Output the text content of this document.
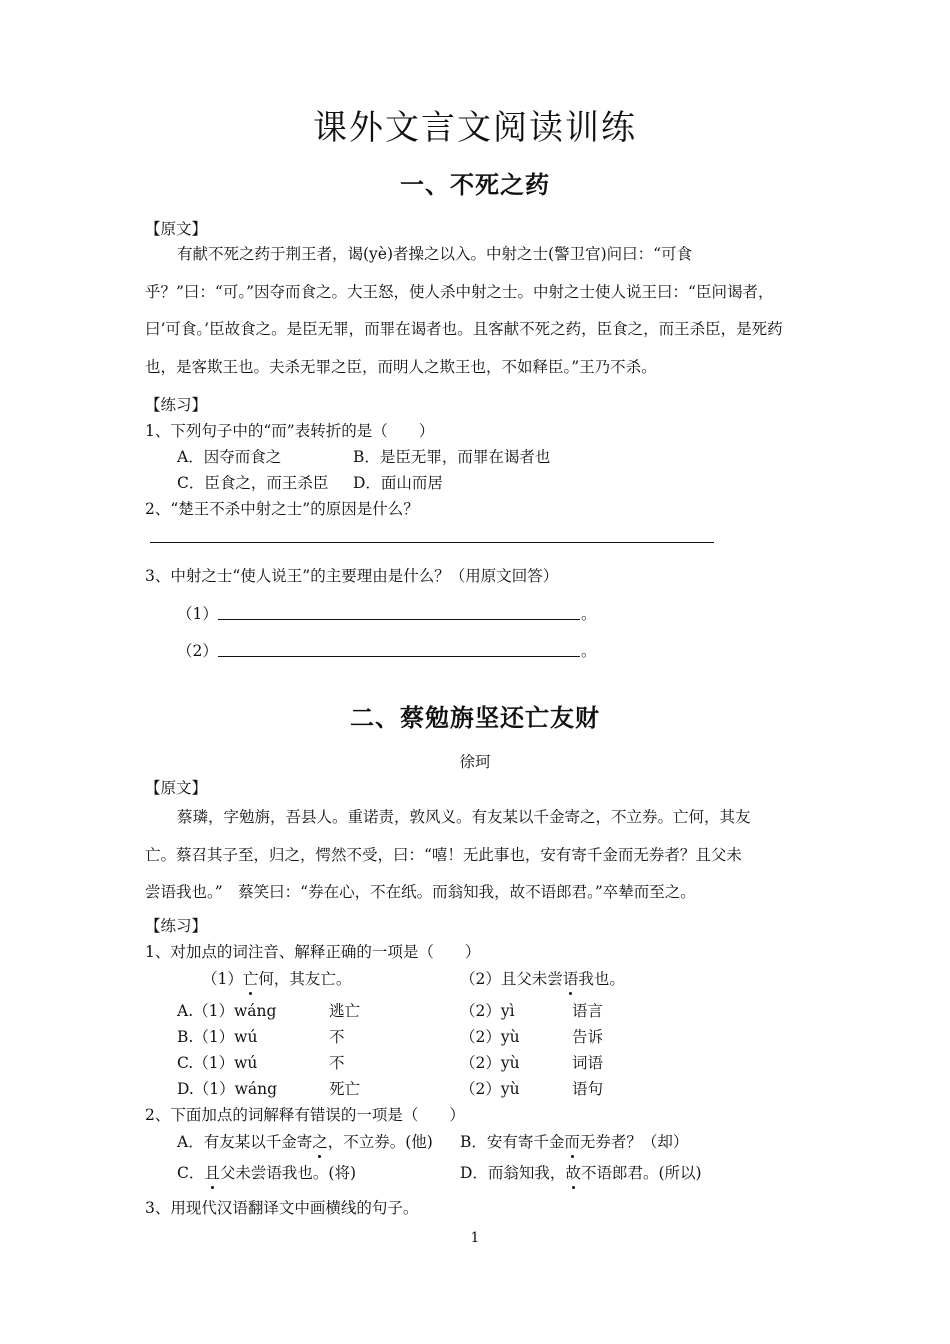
课外文言文阅读训练
一、不死之药
【原文】

有献不死之药于荆王者，谒(yè)者操之以入。中射之士(警卫官)问曰：“可食乎？”曰：“可。”因夺而食之。大王怒，使人杀中射之士。中射之士使人说王曰：“臣问谒者，曰‘可食。’臣故食之。是臣无罪，而罪在谒者也。且客献不死之药，臣食之，而王杀臣，是死药也，是客欺王也。夫杀无罪之臣，而明人之欺王也，不如释臣。”王乃不杀。

【练习】
1、下列句子中的“而”表转折的是（　　）
A．因夺而食之	B．是臣无罪，而罪在谒者也
C．臣食之，而王杀臣 D．面山而居
2、“楚王不杀中射之士”的原因是什么？
3、中射之士“使人说王”的主要理由是什么？（用原文回答）
（1）	。
（2）	。
二、蔡勉旃坚还亡友财
徐珂
【原文】
蔡璘，字勉旃，吾县人。重诺责，敦风义。有友某以千金寄之，不立券。亡何，其友
亡。蔡召其子至，归之，愕然不受，曰：“嘻！无此事也，安有寄千金而无券者？且父未
尝语我也。”　蔡笑曰：“券在心，不在纸。而翁知我，故不语郎君。”卒辇而至之。
【练习】
1、对加点的词注音、解释正确的一项是（　　）
（1）亡何，其友亡。	（2）且父未尝语我也。
A.（1）wáng	逃亡	（2）yì	语言
B.（1）wú	不	（2）yù	告诉
C.（1）wú	不	（2）yù	词语
D.（1）wáng	死亡	（2）yù	语句
2、下面加点的词解释有错误的一项是（　　）
A．有友某以千金寄之，不立券。(他) B．安有寄千金而无券者？（却）
C．且父未尝语我也。(将)	D．而翁知我，故不语郎君。(所以)
3、用现代汉语翻译文中画横线的句子。
1
